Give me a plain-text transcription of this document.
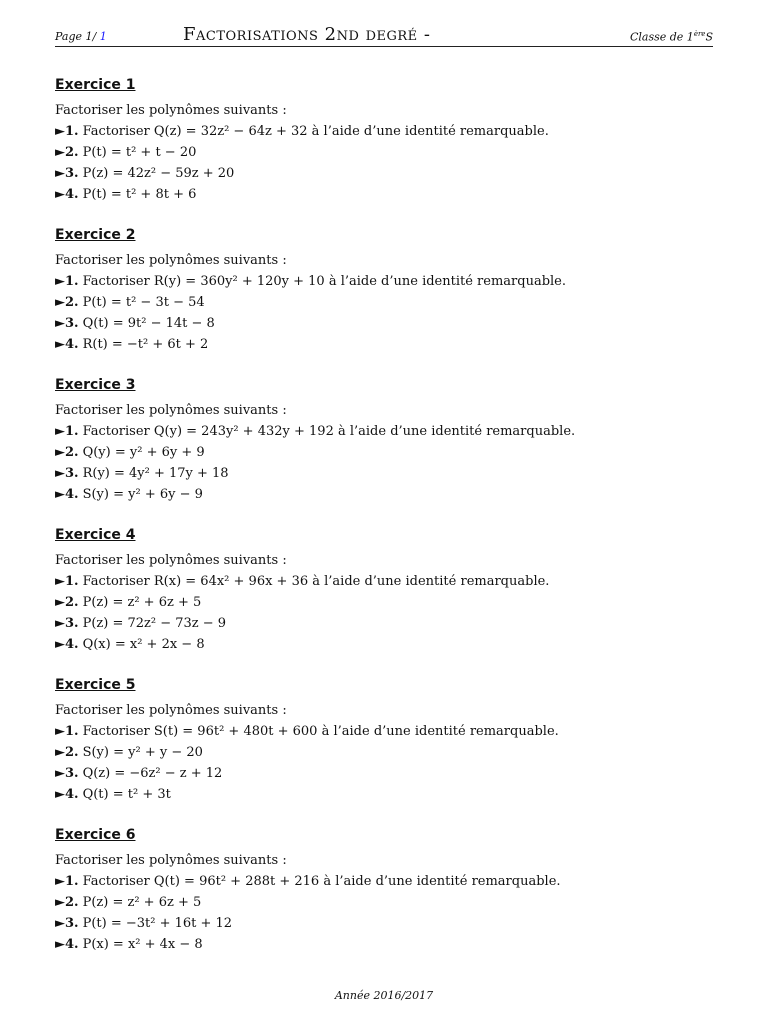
Page 1/ 1	Factorisations 2nd degré -	Classe de 1èreS
Exercice 1
Factoriser les polynômes suivants :
►1. Factoriser Q(z) = 32z² − 64z + 32 à l’aide d’une identité remarquable.
►2. P(t) = t² + t − 20
►3. P(z) = 42z² − 59z + 20
►4. P(t) = t² + 8t + 6
Exercice 2
Factoriser les polynômes suivants :
►1. Factoriser R(y) = 360y² + 120y + 10 à l’aide d’une identité remarquable.
►2. P(t) = t² − 3t − 54
►3. Q(t) = 9t² − 14t − 8
►4. R(t) = −t² + 6t + 2
Exercice 3
Factoriser les polynômes suivants :
►1. Factoriser Q(y) = 243y² + 432y + 192 à l’aide d’une identité remarquable.
►2. Q(y) = y² + 6y + 9
►3. R(y) = 4y² + 17y + 18
►4. S(y) = y² + 6y − 9
Exercice 4
Factoriser les polynômes suivants :
►1. Factoriser R(x) = 64x² + 96x + 36 à l’aide d’une identité remarquable.
►2. P(z) = z² + 6z + 5
►3. P(z) = 72z² − 73z − 9
►4. Q(x) = x² + 2x − 8
Exercice 5
Factoriser les polynômes suivants :
►1. Factoriser S(t) = 96t² + 480t + 600 à l’aide d’une identité remarquable.
►2. S(y) = y² + y − 20
►3. Q(z) = −6z² − z + 12
►4. Q(t) = t² + 3t
Exercice 6
Factoriser les polynômes suivants :
►1. Factoriser Q(t) = 96t² + 288t + 216 à l’aide d’une identité remarquable.
►2. P(z) = z² + 6z + 5
►3. P(t) = −3t² + 16t + 12
►4. P(x) = x² + 4x − 8
Année 2016/2017
